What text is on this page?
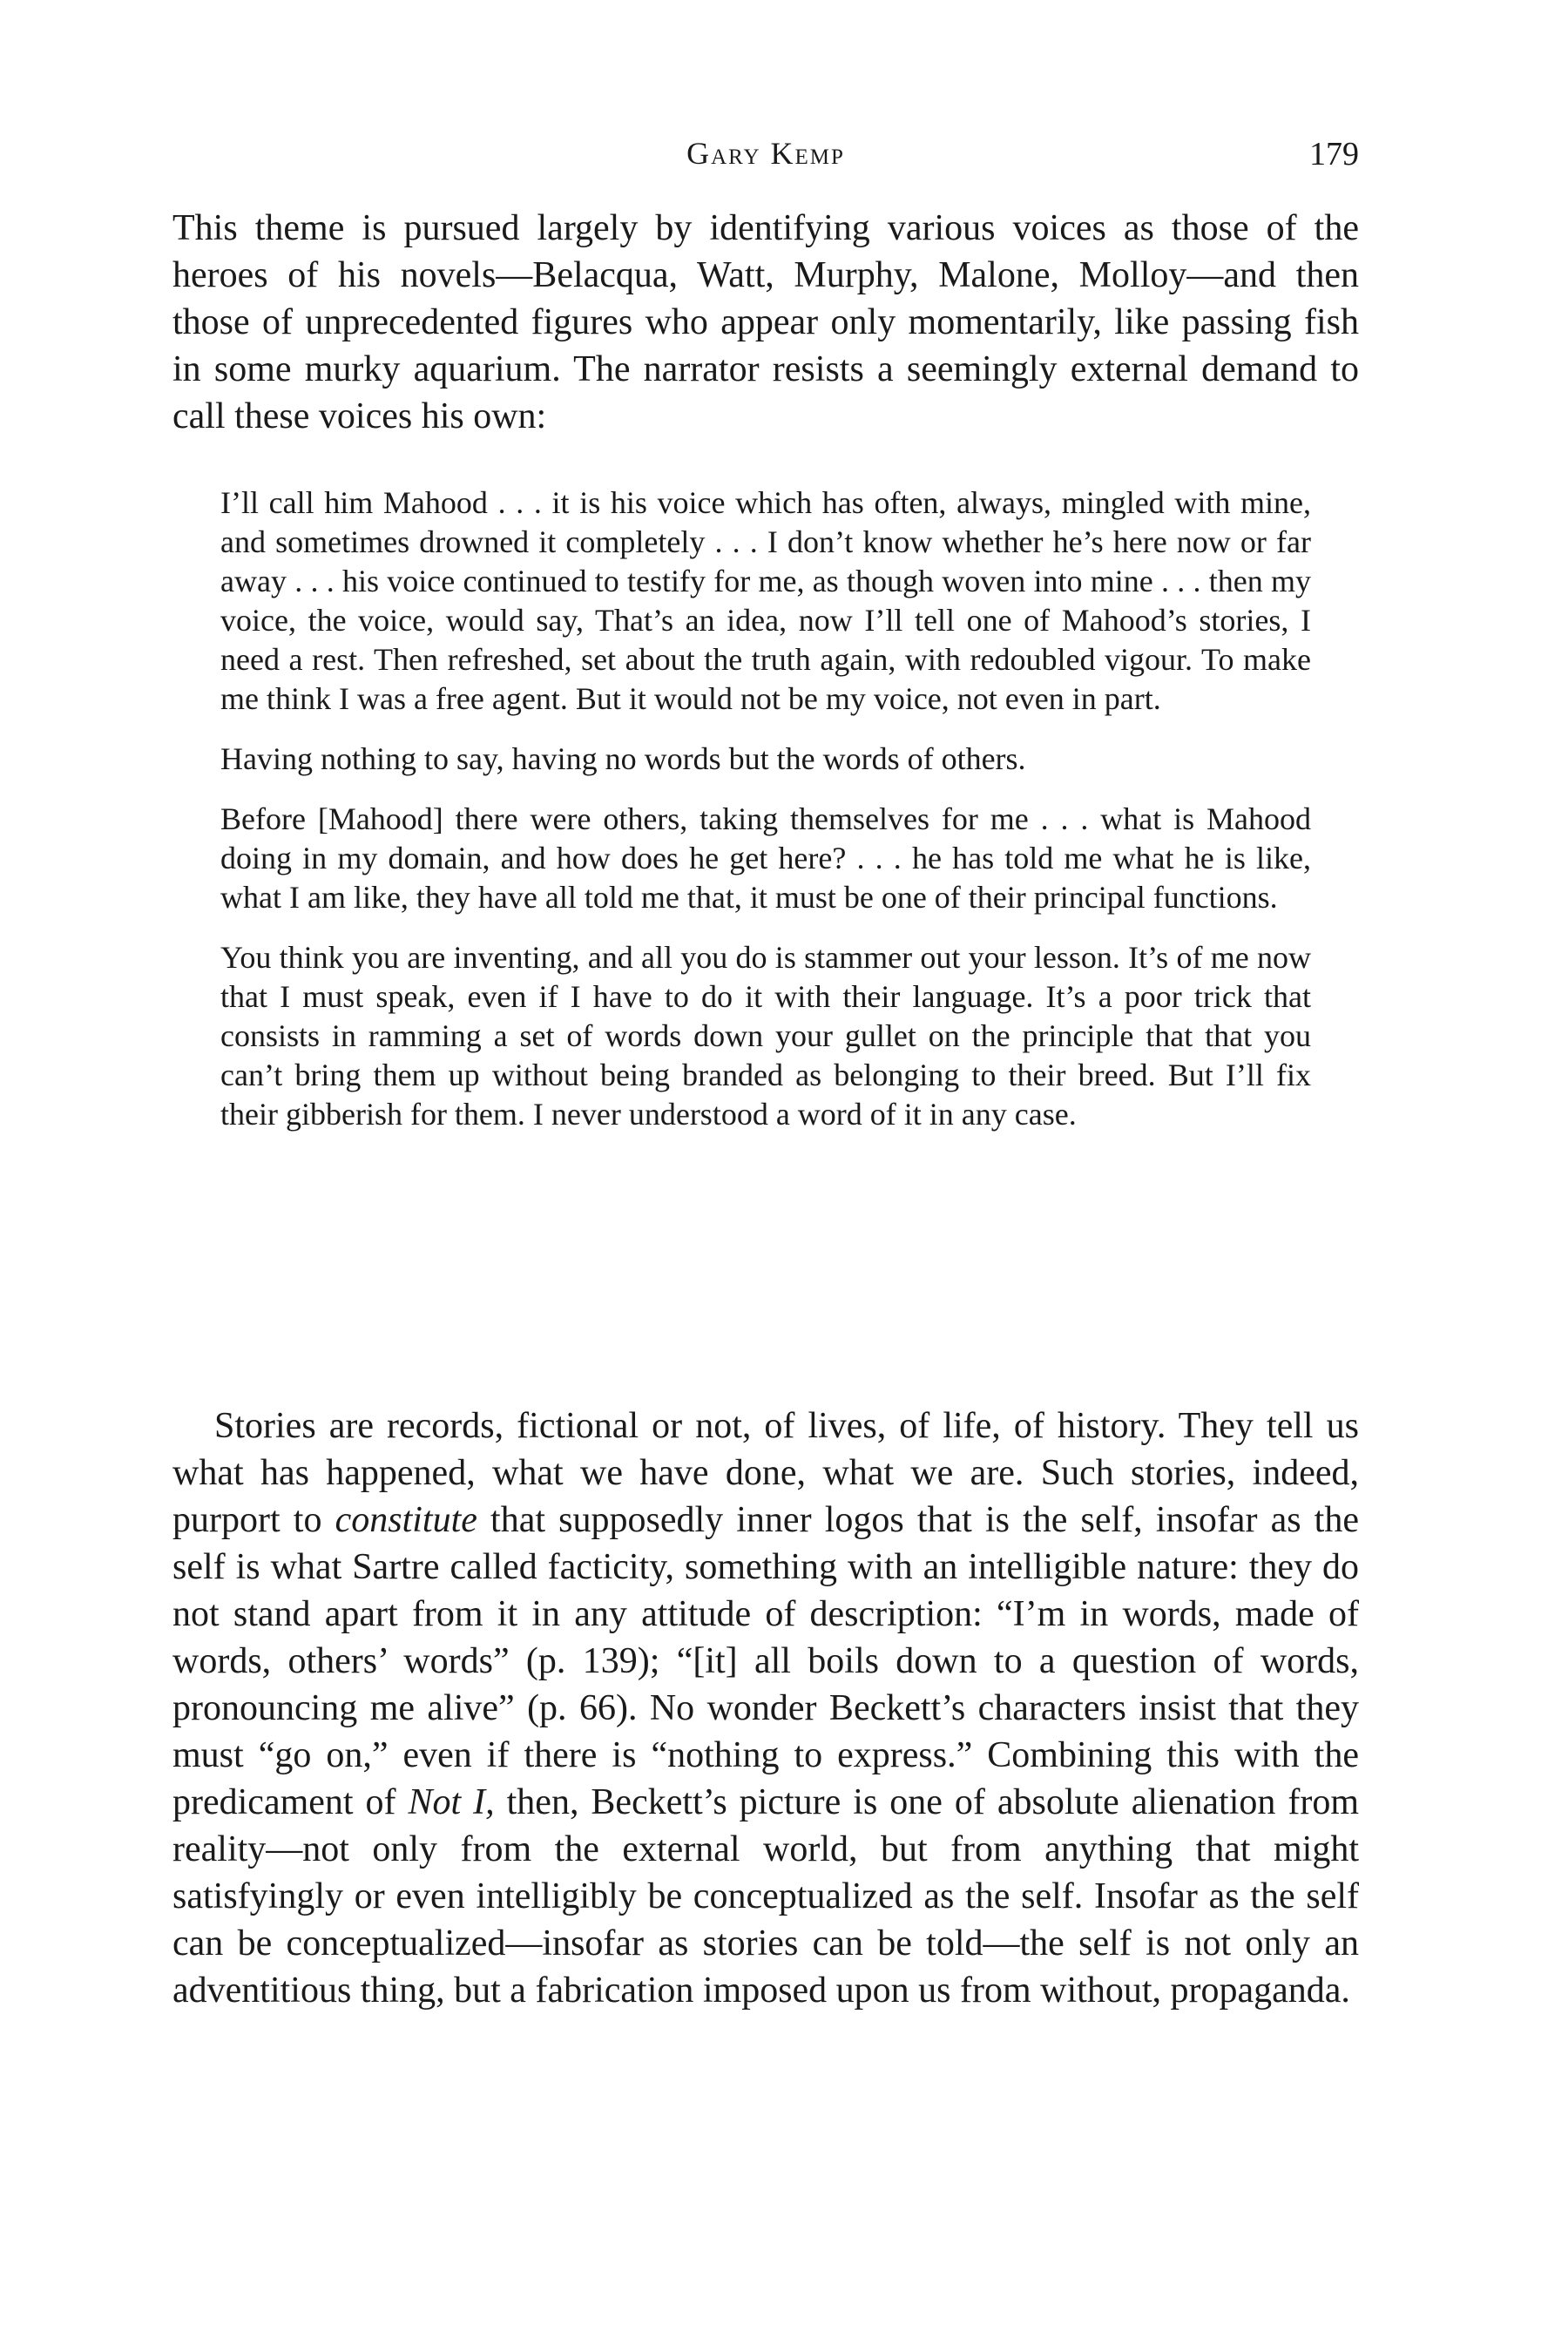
Gary Kemp	179

This theme is pursued largely by identifying various voices as those of the heroes of his novels—Belacqua, Watt, Murphy, Malone, Molloy—and then those of unprecedented figures who appear only momentarily, like passing fish in some murky aquarium. The narrator resists a seemingly external demand to call these voices his own:

I’ll call him Mahood . . . it is his voice which has often, always, mingled with mine, and sometimes drowned it completely . . . I don’t know whether he’s here now or far away . . . his voice continued to testify for me, as though woven into mine . . . then my voice, the voice, would say, That’s an idea, now I’ll tell one of Mahood’s stories, I need a rest. Then refreshed, set about the truth again, with redoubled vigour. To make me think I was a free agent. But it would not be my voice, not even in part.

Having nothing to say, having no words but the words of others.

Before [Mahood] there were others, taking themselves for me . . . what is Mahood doing in my domain, and how does he get here? . . . he has told me what he is like, what I am like, they have all told me that, it must be one of their principal functions.

You think you are inventing, and all you do is stammer out your lesson. It’s of me now that I must speak, even if I have to do it with their language. It’s a poor trick that consists in ramming a set of words down your gullet on the principle that that you can’t bring them up without being branded as belonging to their breed. But I’ll fix their gibberish for them. I never understood a word of it in any case.

Stories are records, fictional or not, of lives, of life, of history. They tell us what has happened, what we have done, what we are. Such stories, indeed, purport to constitute that supposedly inner logos that is the self, insofar as the self is what Sartre called facticity, something with an intelligible nature: they do not stand apart from it in any attitude of description: “I’m in words, made of words, others’ words” (p. 139); “[it] all boils down to a question of words, pronouncing me alive” (p. 66). No wonder Beckett’s characters insist that they must “go on,” even if there is “nothing to express.” Combining this with the predicament of Not I, then, Beckett’s picture is one of absolute alienation from reality—not only from the external world, but from anything that might satisfyingly or even intelligibly be conceptualized as the self. Insofar as the self can be conceptualized—insofar as stories can be told—the self is not only an adventitious thing, but a fabrication imposed upon us from without, propaganda.
